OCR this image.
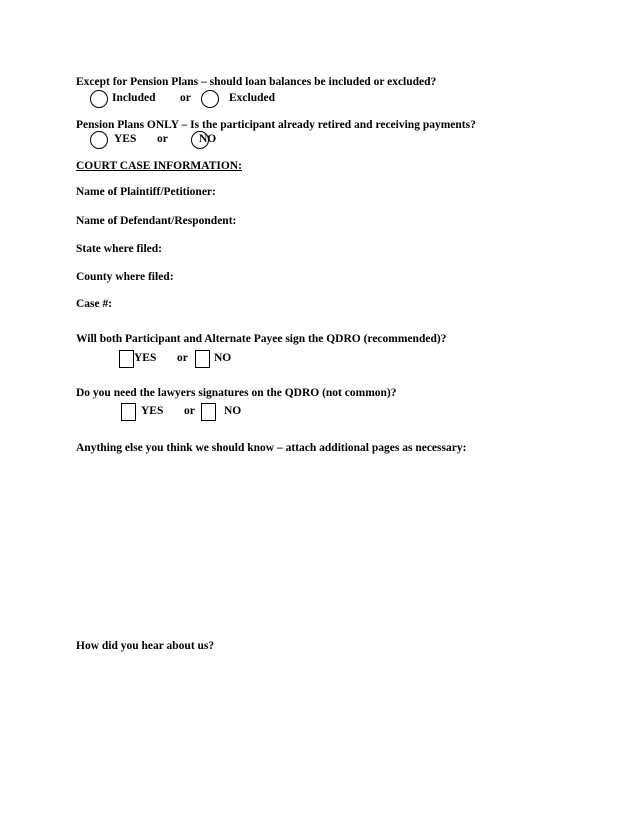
Except for Pension Plans – should loan balances be included or excluded?
Included or	Excluded
Pension Plans ONLY – Is the participant already retired and receiving payments?
YES or	NO
COURT CASE INFORMATION:
Name of Plaintiff/Petitioner:
Name of Defendant/Respondent:
State where filed:
County where filed:
Case #:
Will both Participant and Alternate Payee sign the QDRO (recommended)?
YES or NO
Do you need the lawyers signatures on the QDRO (not common)?
YES or	NO
Anything else you think we should know – attach additional pages as necessary:
How did you hear about us?
